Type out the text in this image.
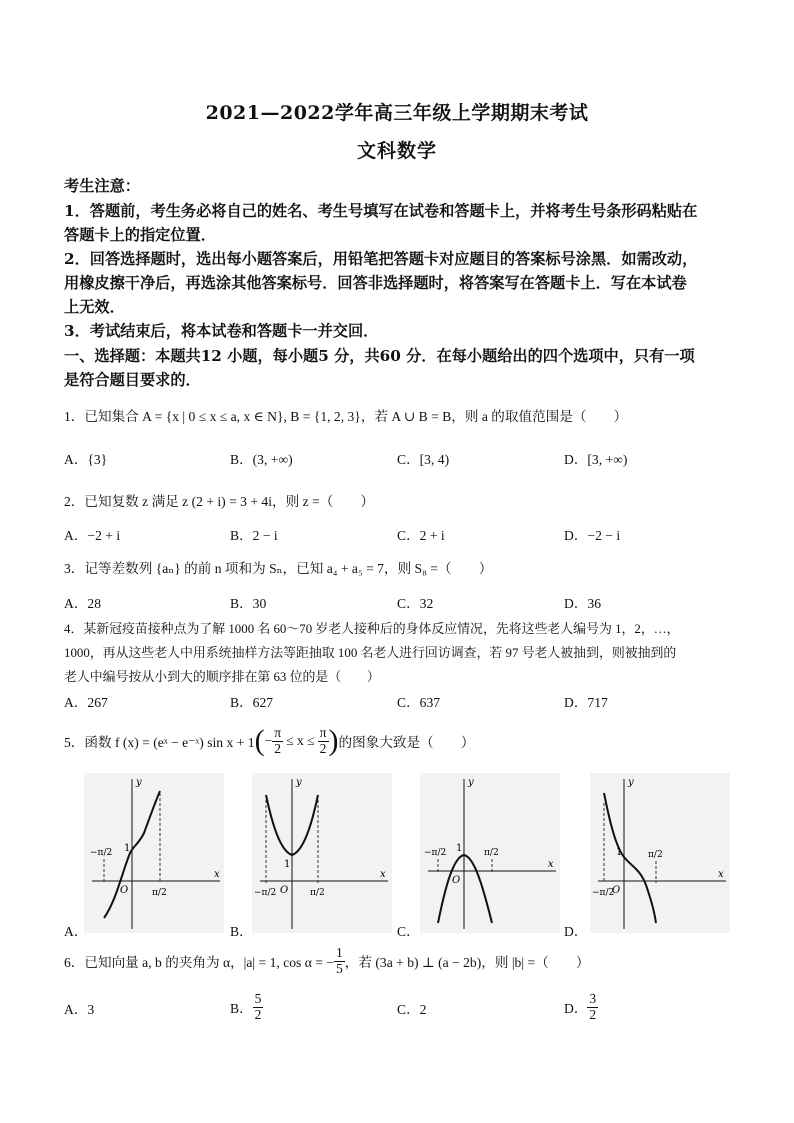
2021—2022学年高三年级上学期期末考试
文科数学
考生注意：
1．答题前，考生务必将自己的姓名、考生号填写在试卷和答题卡上，并将考生号条形码粘贴在
答题卡上的指定位置．
2．回答选择题时，选出每小题答案后，用铅笔把答题卡对应题目的答案标号涂黑．如需改动，
用橡皮擦干净后，再选涂其他答案标号．回答非选择题时，将答案写在答题卡上．写在本试卷
上无效．
3．考试结束后，将本试卷和答题卡一并交回．
一、选择题：本题共12 小题，每小题5 分，共60 分．在每小题给出的四个选项中，只有一项
是符合题目要求的．
1．已知集合 A = {x | 0 ≤ x ≤ a, x ∈ N}, B = {1, 2, 3}，若 A ∪ B = B，则 a 的取值范围是（　　）
A．{3}	B．(3, +∞)	C．[3, 4)	D．[3, +∞)
2．已知复数 z 满足 z (2 + i) = 3 + 4i，则 z =（　　）
A．−2 + i	B．2 − i	C．2 + i	D．−2 − i
3．记等差数列 {aₙ} 的前 n 项和为 Sₙ，已知 a₄ + a₅ = 7，则 S₈ =（　　）
A．28	B．30	C．32	D．36
4．某新冠疫苗接种点为了解 1000 名 60～70 岁老人接种后的身体反应情况，先将这些老人编号为 1，2，…，
1000，再从这些老人中用系统抽样方法等距抽取 100 名老人进行回访调查，若 97 号老人被抽到，则被抽到的
老人中编号按从小到大的顺序排在第 63 位的是（　　）
A．267	B．627	C．637	D．717
5．函数 f (x) = (eˣ − e⁻ˣ) sin x + 1 ( − $\frac{\pi}{2} \le x \le \frac{\pi}{2}$ ) 的图象大致是（　　）
y
x
O
1
−π/2
π/2
y
x
O
1
−π/2	π/2
y
x
O
1
−π/2	π/2
y
x
O
1
−π/2
π/2
A．	B．	C．	D．
6．已知向量 a, b 的夹角为 α，|a| = 1, cos α = − $\frac{1}{5}$ ，若 (3a + b) ⊥ (a − 2b)，则 |b| =（　　）
A．3	B． $\frac{5}{2}$	C．2	D． $\frac{3}{2}$
